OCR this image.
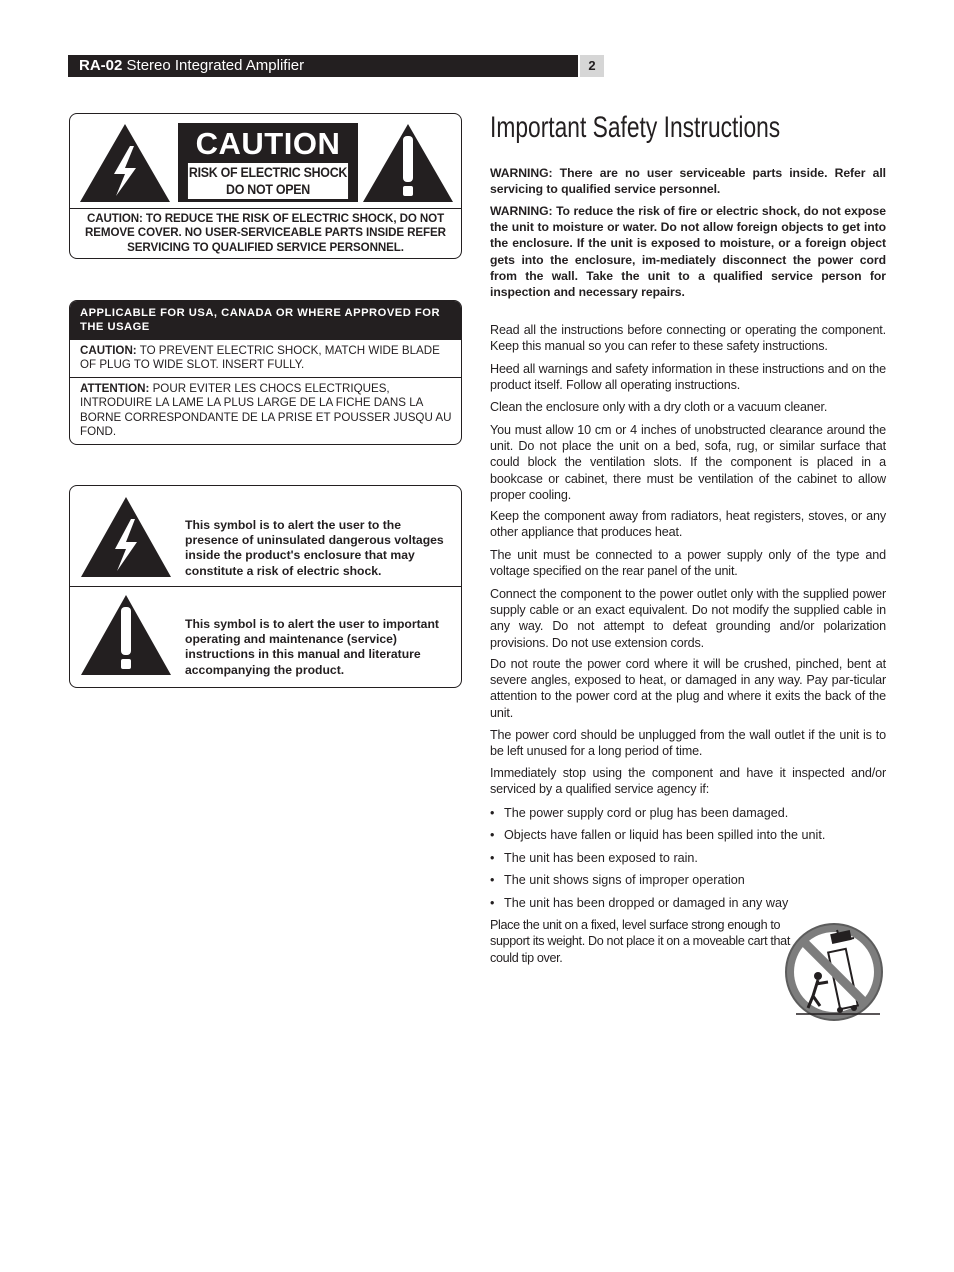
RA-02 Stereo Integrated Amplifier	2
CAUTION
RISK OF ELECTRIC SHOCK
DO NOT OPEN
CAUTION: TO REDUCE THE RISK OF ELECTRIC SHOCK, DO NOT REMOVE COVER. NO USER-SERVICEABLE PARTS INSIDE REFER SERVICING TO QUALIFIED SERVICE PERSONNEL.
APPLICABLE FOR USA, CANADA OR WHERE APPROVED FOR THE USAGE
CAUTION: TO PREVENT ELECTRIC SHOCK, MATCH WIDE BLADE OF PLUG TO WIDE SLOT. INSERT FULLY.
ATTENTION: POUR EVITER LES CHOCS ELECTRIQUES, INTRODUIRE LA LAME LA PLUS LARGE DE LA FICHE DANS LA BORNE CORRESPONDANTE DE LA PRISE ET POUSSER JUSQU AU FOND.
This symbol is to alert the user to the presence of uninsulated dangerous voltages inside the product's enclosure that may constitute a risk of electric shock.
This symbol is to alert the user to important operating and maintenance (service) instructions in this manual and literature accompanying the product.
Important Safety Instructions
WARNING: There are no user serviceable parts inside. Refer all servicing to qualified service personnel.
WARNING: To reduce the risk of fire or electric shock, do not expose the unit to moisture or water. Do not allow foreign objects to get into the enclosure. If the unit is exposed to moisture, or a foreign object gets into the enclosure, im-mediately disconnect the power cord from the wall. Take the unit to a qualified service person for inspection and necessary repairs.
Read all the instructions before connecting or operating the component. Keep this manual so you can refer to these safety instructions.
Heed all warnings and safety information in these instructions and on the product itself. Follow all operating instructions.
Clean the enclosure only with a dry cloth or a vacuum cleaner.
You must allow 10 cm or 4 inches of unobstructed clearance around the unit. Do not place the unit on a bed, sofa, rug, or similar surface that could block the ventilation slots. If the component is placed in a bookcase or cabinet, there must be ventilation of the cabinet to allow proper cooling.
Keep the component away from radiators, heat registers, stoves, or any other appliance that produces heat.
The unit must be connected to a power supply only of the type and voltage specified on the rear panel of the unit.
Connect the component to the power outlet only with the supplied power supply cable or an exact equivalent. Do not modify the supplied cable in any way. Do not attempt to defeat grounding and/or polarization provisions. Do not use extension cords.
Do not route the power cord where it will be crushed, pinched, bent at severe angles, exposed to heat, or damaged in any way. Pay par-ticular attention to the power cord at the plug and where it exits the back of the unit.
The power cord should be unplugged from the wall outlet if the unit is to be left unused for a long period of time.
Immediately stop using the component and have it inspected and/or serviced by a qualified service agency if:
• The power supply cord or plug has been damaged.
• Objects have fallen or liquid has been spilled into the unit.
• The unit has been exposed to rain.
• The unit shows signs of improper operation
• The unit has been dropped or damaged in any way
Place the unit on a fixed, level surface strong enough to support its weight. Do not place it on a moveable cart that could tip over.
